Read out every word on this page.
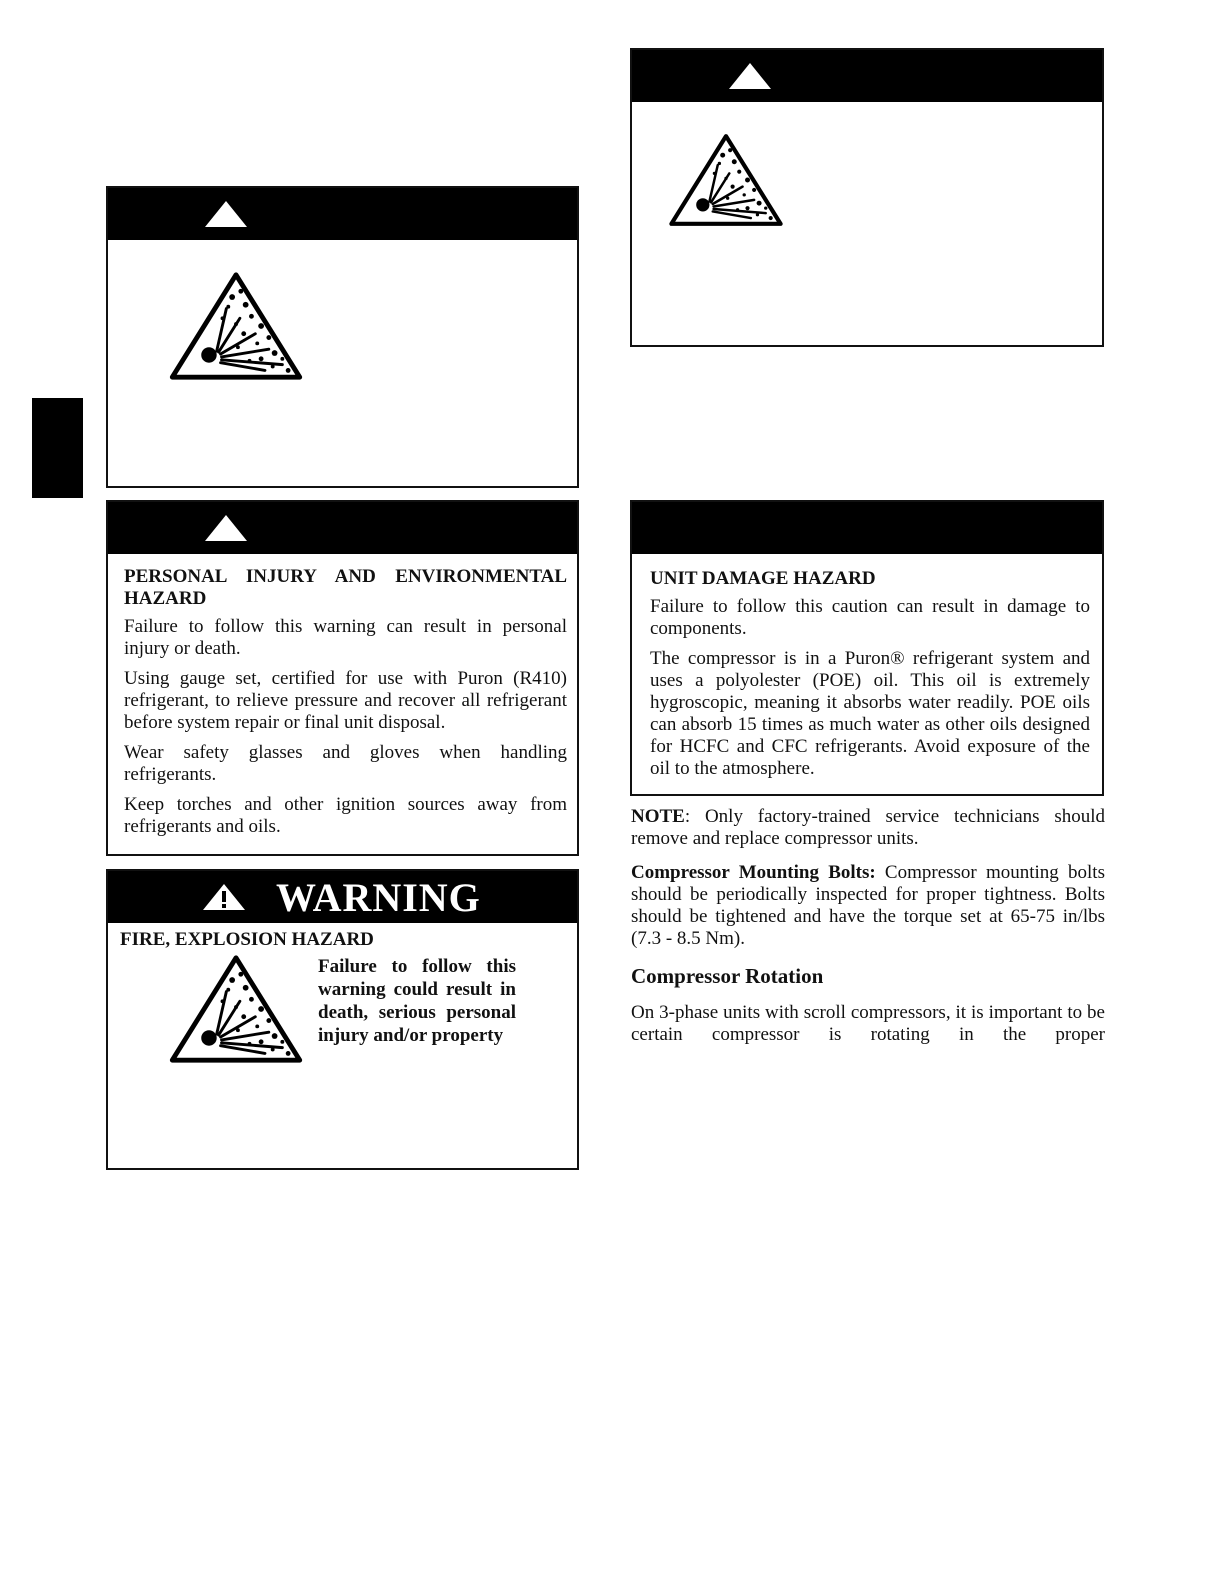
PERSONAL INJURY AND ENVIRONMENTAL HAZARD

Failure to follow this warning can result in personal injury or death.

Using gauge set, certified for use with Puron (R410) refrigerant, to relieve pressure and recover all refrigerant before system repair or final unit disposal.

Wear safety glasses and gloves when handling refrigerants.

Keep torches and other ignition sources away from refrigerants and oils.

WARNING
FIRE, EXPLOSION HAZARD
Failure to follow this warning could result in death, serious personal injury and/or property

UNIT DAMAGE HAZARD

Failure to follow this caution can result in damage to components.

The compressor is in a Puron® refrigerant system and uses a polyolester (POE) oil. This oil is extremely hygroscopic, meaning it absorbs water readily. POE oils can absorb 15 times as much water as other oils designed for HCFC and CFC refrigerants. Avoid exposure of the oil to the atmosphere.

NOTE: Only factory-trained service technicians should remove and replace compressor units.

Compressor Mounting Bolts: Compressor mounting bolts should be periodically inspected for proper tightness. Bolts should be tightened and have the torque set at 65-75 in/lbs (7.3 - 8.5 Nm).

Compressor Rotation

On 3-phase units with scroll compressors, it is important to be certain compressor is rotating in the proper
